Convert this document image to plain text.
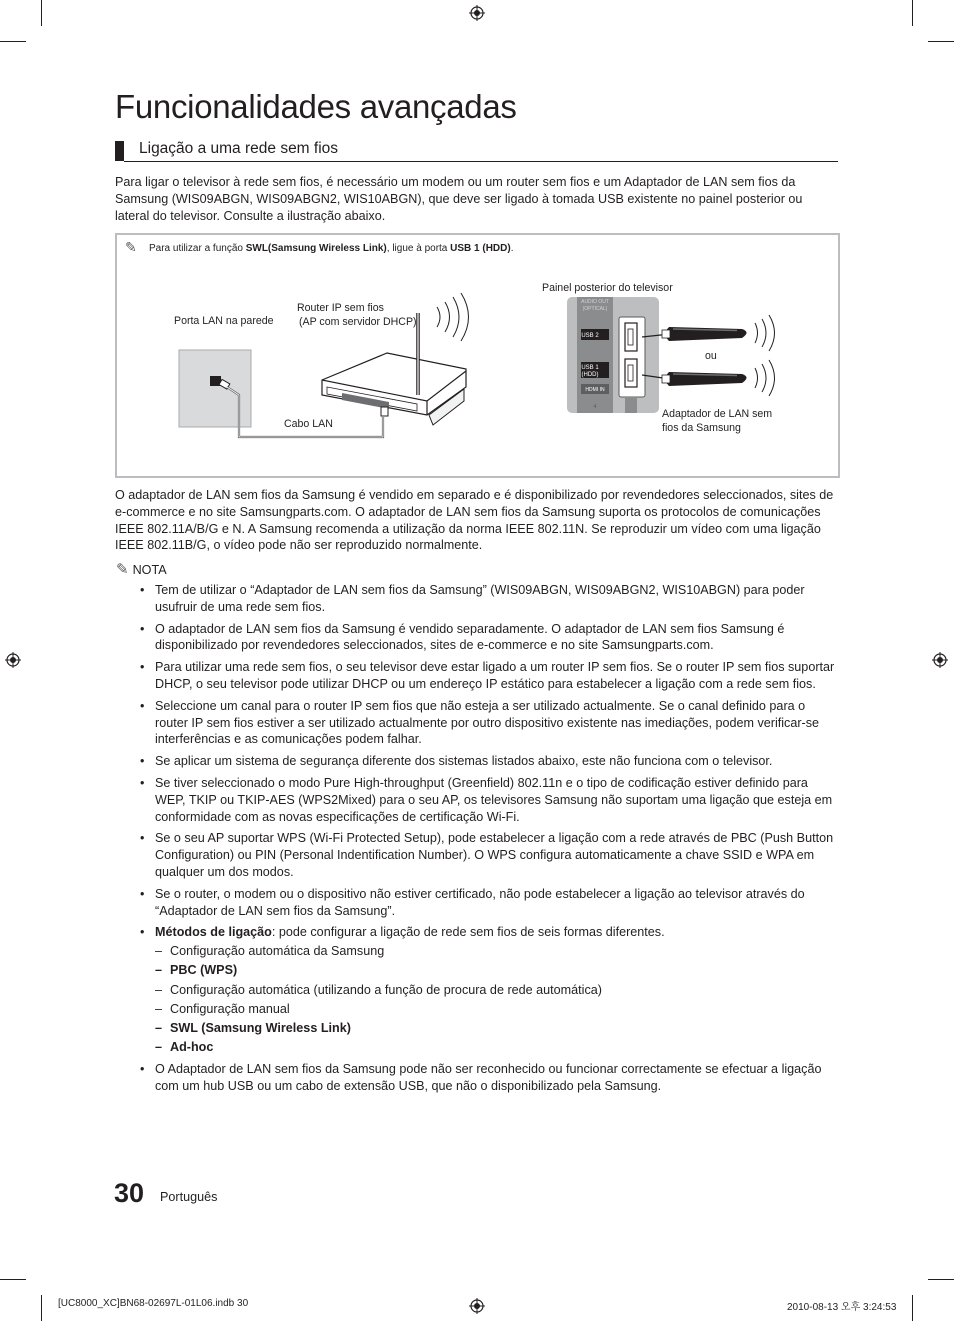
Funcionalidades avançadas
Ligação a uma rede sem fios

Para ligar o televisor à rede sem fios, é necessário um modem ou um router sem fios e um Adaptador de LAN sem fios da Samsung (WIS09ABGN, WIS09ABGN2, WIS10ABGN), que deve ser ligado à tomada USB existente no painel posterior ou lateral do televisor. Consulte a ilustração abaixo.

✎ Para utilizar a função SWL(Samsung Wireless Link), ligue à porta USB 1 (HDD).
AUDIO OUT
(OPTICAL)
USB 2
USB 1
(HDD)
HDMI IN
4
Porta LAN na parede
Router IP sem fios
(AP com servidor DHCP)
Cabo LAN
Painel posterior do televisor
ou
Adaptador de LAN sem
fios da Samsung

O adaptador de LAN sem fios da Samsung é vendido em separado e é disponibilizado por revendedores seleccionados, sites de e-commerce e no site Samsungparts.com. O adaptador de LAN sem fios da Samsung suporta os protocolos de comunicações IEEE 802.11A/B/G e N. A Samsung recomenda a utilização da norma IEEE 802.11N. Se reproduzir um vídeo com uma ligação IEEE 802.11B/G, o vídeo pode não ser reproduzido normalmente.

✎ NOTA
• Tem de utilizar o “Adaptador de LAN sem fios da Samsung” (WIS09ABGN, WIS09ABGN2, WIS10ABGN) para poder usufruir de uma rede sem fios.
• O adaptador de LAN sem fios da Samsung é vendido separadamente. O adaptador de LAN sem fios Samsung é disponibilizado por revendedores seleccionados, sites de e-commerce e no site Samsungparts.com.
• Para utilizar uma rede sem fios, o seu televisor deve estar ligado a um router IP sem fios. Se o router IP sem fios suportar DHCP, o seu televisor pode utilizar DHCP ou um endereço IP estático para estabelecer a ligação com a rede sem fios.
• Seleccione um canal para o router IP sem fios que não esteja a ser utilizado actualmente. Se o canal definido para o router IP sem fios estiver a ser utilizado actualmente por outro dispositivo existente nas imediações, podem verificar-se interferências e as comunicações podem falhar.
• Se aplicar um sistema de segurança diferente dos sistemas listados abaixo, este não funciona com o televisor.
• Se tiver seleccionado o modo Pure High-throughput (Greenfield) 802.11n e o tipo de codificação estiver definido para WEP, TKIP ou TKIP-AES (WPS2Mixed) para o seu AP, os televisores Samsung não suportam uma ligação que esteja em conformidade com as novas especificações de certificação Wi-Fi.
• Se o seu AP suportar WPS (Wi-Fi Protected Setup), pode estabelecer a ligação com a rede através de PBC (Push Button Configuration) ou PIN (Personal Indentification Number). O WPS configura automaticamente a chave SSID e WPA em qualquer um dos modos.
• Se o router, o modem ou o dispositivo não estiver certificado, não pode estabelecer a ligação ao televisor através do “Adaptador de LAN sem fios da Samsung”.
• Métodos de ligação: pode configurar a ligação de rede sem fios de seis formas diferentes.
– Configuração automática da Samsung
– PBC (WPS)
– Configuração automática (utilizando a função de procura de rede automática)
– Configuração manual
– SWL (Samsung Wireless Link)
– Ad-hoc
• O Adaptador de LAN sem fios da Samsung pode não ser reconhecido ou funcionar correctamente se efectuar a ligação com um hub USB ou um cabo de extensão USB, que não o disponibilizado pela Samsung.
30 Português
[UC8000_XC]BN68-02697L-01L06.indb 30	2010-08-13 오후 3:24:53
